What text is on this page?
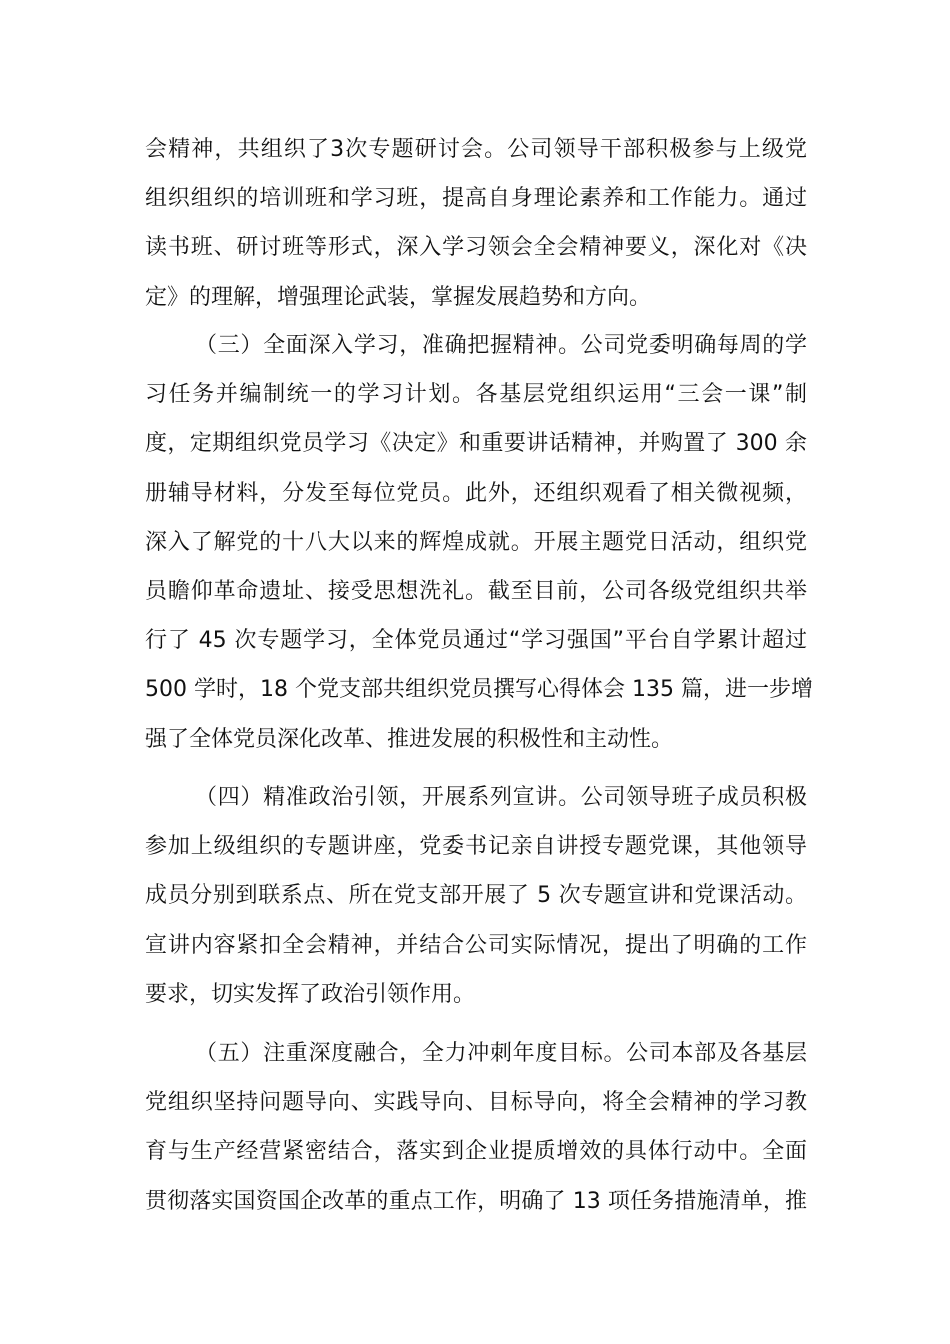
会精神，共组织了3次专题研讨会。公司领导干部积极参与上级党
组织组织的培训班和学习班，提高自身理论素养和工作能力。通过
读书班、研讨班等形式，深入学习领会全会精神要义，深化对《决
定》的理解，增强理论武装，掌握发展趋势和方向。
（三）全面深入学习，准确把握精神。公司党委明确每周的学
习任务并编制统一的学习计划。各基层党组织运用“三会一课”制
度，定期组织党员学习《决定》和重要讲话精神，并购置了 300 余
册辅导材料，分发至每位党员。此外，还组织观看了相关微视频，
深入了解党的十八大以来的辉煌成就。开展主题党日活动，组织党
员瞻仰革命遗址、接受思想洗礼。截至目前，公司各级党组织共举
行了 45 次专题学习，全体党员通过“学习强国”平台自学累计超过
500 学时，18 个党支部共组织党员撰写心得体会 135 篇，进一步增
强了全体党员深化改革、推进发展的积极性和主动性。
（四）精准政治引领，开展系列宣讲。公司领导班子成员积极
参加上级组织的专题讲座，党委书记亲自讲授专题党课，其他领导
成员分别到联系点、所在党支部开展了 5 次专题宣讲和党课活动。
宣讲内容紧扣全会精神，并结合公司实际情况，提出了明确的工作
要求，切实发挥了政治引领作用。
（五）注重深度融合，全力冲刺年度目标。公司本部及各基层
党组织坚持问题导向、实践导向、目标导向，将全会精神的学习教
育与生产经营紧密结合，落实到企业提质增效的具体行动中。全面
贯彻落实国资国企改革的重点工作，明确了 13 项任务措施清单，推
